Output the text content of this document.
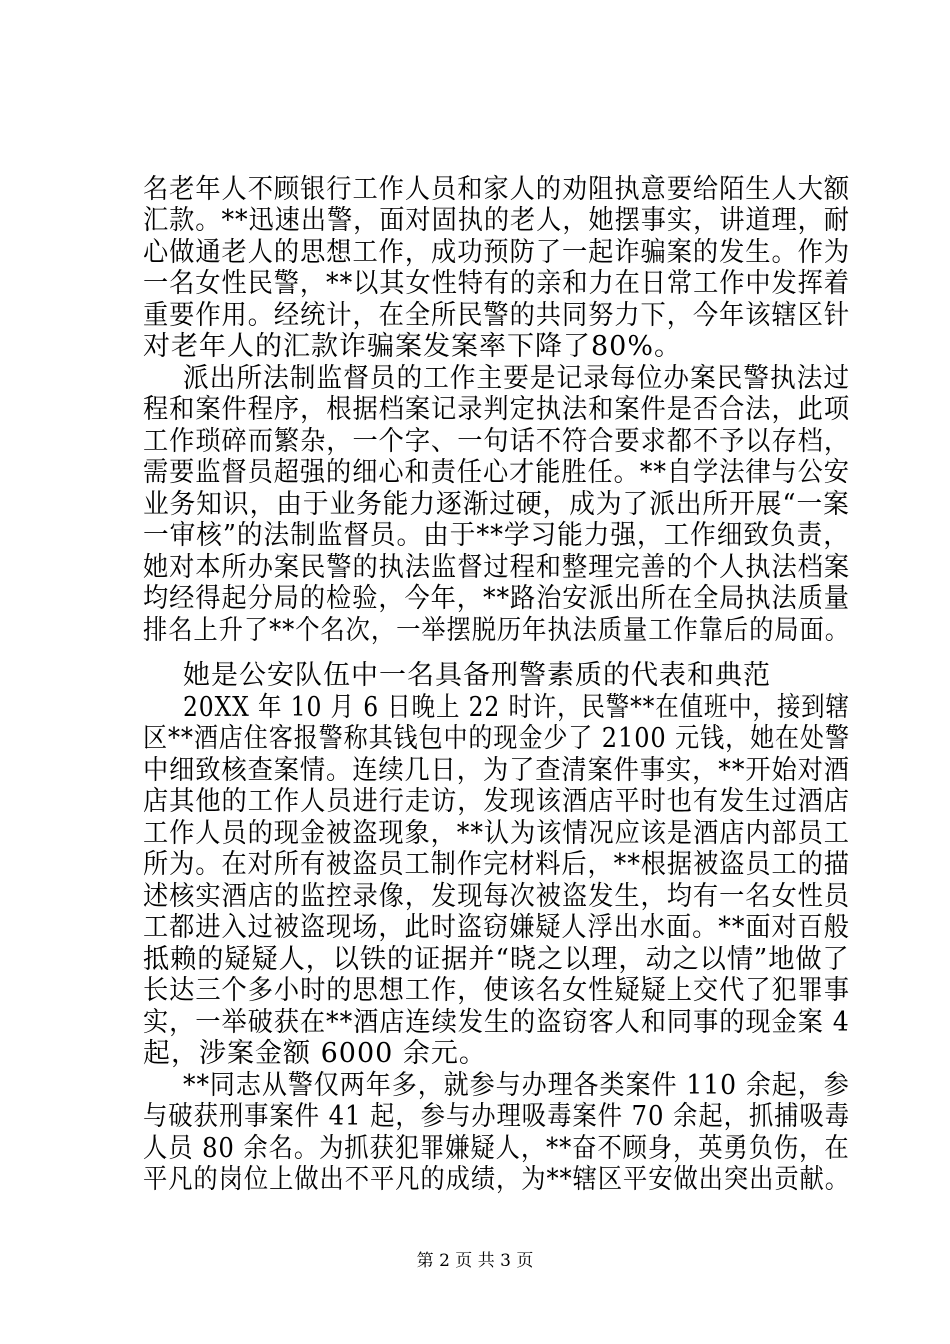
名老年人不顾银行工作人员和家人的劝阻执意要给陌生人大额
汇款。**迅速出警，面对固执的老人，她摆事实，讲道理，耐
心做通老人的思想工作，成功预防了一起诈骗案的发生。作为
一名女性民警，**以其女性特有的亲和力在日常工作中发挥着
重要作用。经统计，在全所民警的共同努力下，今年该辖区针
对老年人的汇款诈骗案发案率下降了80%。
派出所法制监督员的工作主要是记录每位办案民警执法过
程和案件程序，根据档案记录判定执法和案件是否合法，此项
工作琐碎而繁杂，一个字、一句话不符合要求都不予以存档，
需要监督员超强的细心和责任心才能胜任。**自学法律与公安
业务知识，由于业务能力逐渐过硬，成为了派出所开展“一案
一审核”的法制监督员。由于**学习能力强，工作细致负责，
她对本所办案民警的执法监督过程和整理完善的个人执法档案
均经得起分局的检验，今年，**路治安派出所在全局执法质量
排名上升了**个名次，一举摆脱历年执法质量工作靠后的局面。
她是公安队伍中一名具备刑警素质的代表和典范
20XX 年 10 月 6 日晚上 22 时许，民警**在值班中，接到辖
区**酒店住客报警称其钱包中的现金少了 2100 元钱，她在处警
中细致核查案情。连续几日，为了查清案件事实，**开始对酒
店其他的工作人员进行走访，发现该酒店平时也有发生过酒店
工作人员的现金被盗现象，**认为该情况应该是酒店内部员工
所为。在对所有被盗员工制作完材料后，**根据被盗员工的描
述核实酒店的监控录像，发现每次被盗发生，均有一名女性员
工都进入过被盗现场，此时盗窃嫌疑人浮出水面。**面对百般
抵赖的疑疑人，以铁的证据并“晓之以理，动之以情”地做了
长达三个多小时的思想工作，使该名女性疑疑上交代了犯罪事
实，一举破获在**酒店连续发生的盗窃客人和同事的现金案 4
起，涉案金额 6000 余元。
**同志从警仅两年多，就参与办理各类案件 110 余起，参
与破获刑事案件 41 起，参与办理吸毒案件 70 余起，抓捕吸毒
人员 80 余名。为抓获犯罪嫌疑人，**奋不顾身，英勇负伤，在
平凡的岗位上做出不平凡的成绩，为**辖区平安做出突出贡献。
第 2 页 共 3 页
